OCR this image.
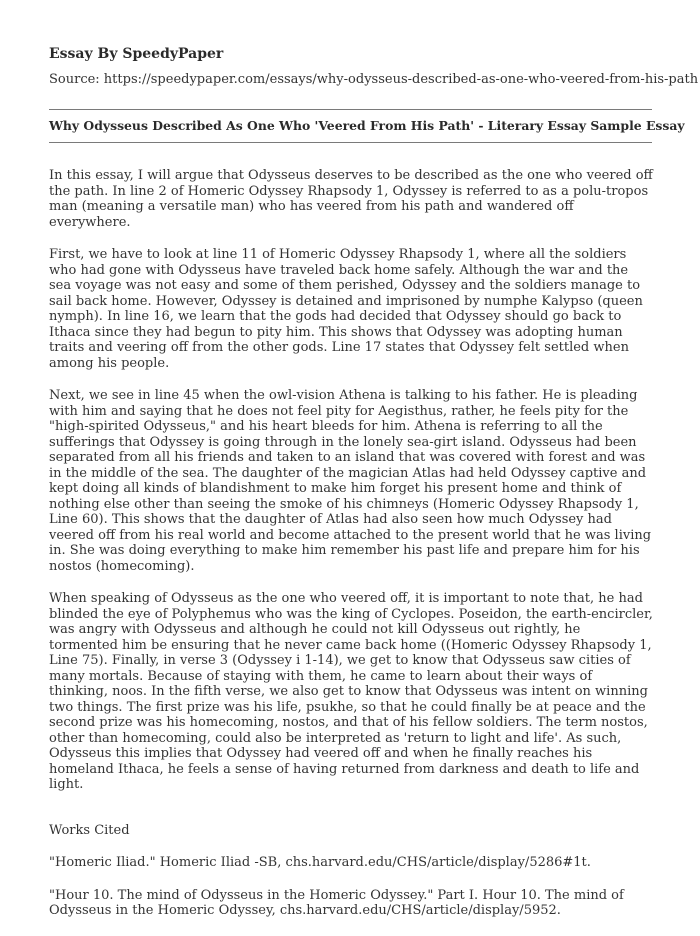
Essay By SpeedyPaper
Source: https://speedypaper.com/essays/why-odysseus-described-as-one-who-veered-from-his-path
Why Odysseus Described As One Who 'Veered From His Path' - Literary Essay Sample Essay

In this essay, I will argue that Odysseus deserves to be described as the one who veered off the path. In line 2 of Homeric Odyssey Rhapsody 1, Odyssey is referred to as a polu-tropos man (meaning a versatile man) who has veered from his path and wandered off everywhere.

First, we have to look at line 11 of Homeric Odyssey Rhapsody 1, where all the soldiers who had gone with Odysseus have traveled back home safely. Although the war and the sea voyage was not easy and some of them perished, Odyssey and the soldiers manage to sail back home. However, Odyssey is detained and imprisoned by numphe Kalypso (queen nymph). In line 16, we learn that the gods had decided that Odyssey should go back to Ithaca since they had begun to pity him. This shows that Odyssey was adopting human traits and veering off from the other gods. Line 17 states that Odyssey felt settled when among his people.

Next, we see in line 45 when the owl-vision Athena is talking to his father. He is pleading with him and saying that he does not feel pity for Aegisthus, rather, he feels pity for the "high-spirited Odysseus," and his heart bleeds for him. Athena is referring to all the sufferings that Odyssey is going through in the lonely sea-girt island. Odysseus had been separated from all his friends and taken to an island that was covered with forest and was in the middle of the sea. The daughter of the magician Atlas had held Odyssey captive and kept doing all kinds of blandishment to make him forget his present home and think of nothing else other than seeing the smoke of his chimneys (Homeric Odyssey Rhapsody 1, Line 60). This shows that the daughter of Atlas had also seen how much Odyssey had veered off from his real world and become attached to the present world that he was living in. She was doing everything to make him remember his past life and prepare him for his nostos (homecoming).

When speaking of Odysseus as the one who veered off, it is important to note that, he had blinded the eye of Polyphemus who was the king of Cyclopes. Poseidon, the earth-encircler, was angry with Odysseus and although he could not kill Odysseus out rightly, he tormented him be ensuring that he never came back home ((Homeric Odyssey Rhapsody 1, Line 75). Finally, in verse 3 (Odyssey i 1-14), we get to know that Odysseus saw cities of many mortals. Because of staying with them, he came to learn about their ways of thinking, noos. In the fifth verse, we also get to know that Odysseus was intent on winning two things. The first prize was his life, psukhe, so that he could finally be at peace and the second prize was his homecoming, nostos, and that of his fellow soldiers. The term nostos, other than homecoming, could also be interpreted as 'return to light and life'. As such, Odysseus this implies that Odyssey had veered off and when he finally reaches his homeland Ithaca, he feels a sense of having returned from darkness and death to life and light.

Works Cited

"Homeric Iliad." Homeric Iliad -SB, chs.harvard.edu/CHS/article/display/5286#1t.

"Hour 10. The mind of Odysseus in the Homeric Odyssey." Part I. Hour 10. The mind of Odysseus in the Homeric Odyssey, chs.harvard.edu/CHS/article/display/5952.
